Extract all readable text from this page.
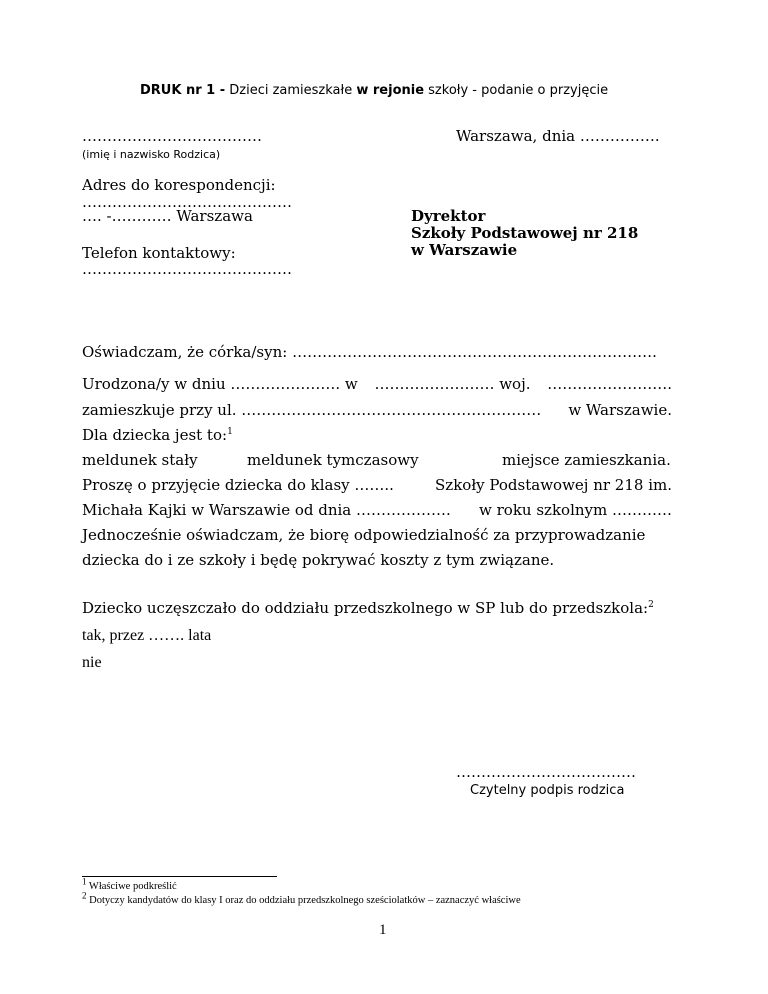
DRUK nr 1 - Dzieci zamieszkałe w rejonie szkoły - podanie o przyjęcie
………………………………	Warszawa, dnia …………….
(imię i nazwisko Rodzica)
Adres do korespondencji:
……………………………………
…. -………… Warszawa
Telefon kontaktowy:
……………………………………
Dyrektor
Szkoły Podstawowej nr 218
w Warszawie
Oświadczam, że córka/syn: ……………………………………………………………….
Urodzona/y w dniu …………………. w …………………… woj. …………………….
zamieszkuje przy ul. …………………………………………………… w Warszawie.
Dla dziecka jest to:$^1$
meldunek stały	meldunek tymczasowy	miejsce zamieszkania.
Proszę o przyjęcie dziecka do klasy ……..	Szkoły Podstawowej nr 218 im.
Michała Kajki w Warszawie od dnia ………………. w roku szkolnym …………
Jednocześnie oświadczam, że biorę odpowiedzialność za przyprowadzanie
dziecka do i ze szkoły i będę pokrywać koszty z tym związane.
Dziecko uczęszczało do oddziału przedszkolnego w SP lub do przedszkola:$^2$
tak, przez ……. lata
nie
………………………………
Czytelny podpis rodzica
$^1$ Właściwe podkreślić
$^2$ Dotyczy kandydatów do klasy I oraz do oddziału przedszkolnego sześciolatków – zaznaczyć właściwe
1
